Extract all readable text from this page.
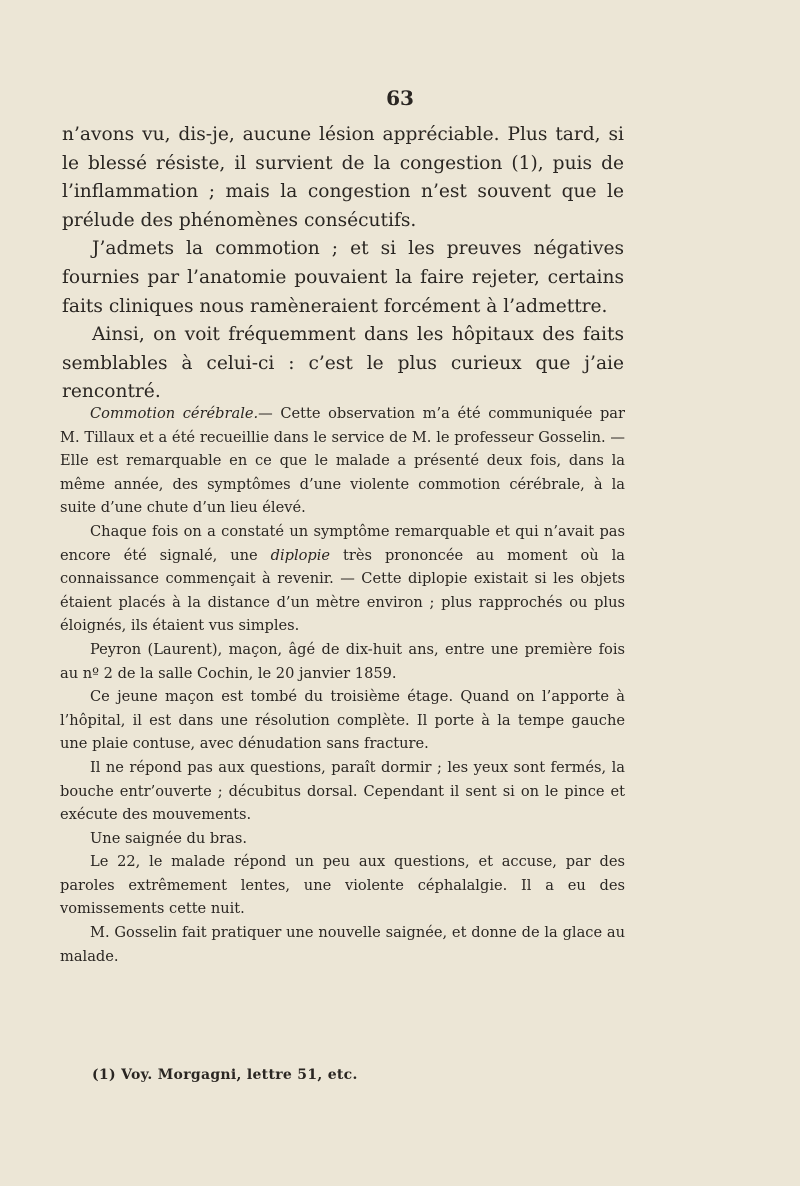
63

n’avons vu, dis-je, aucune lésion appréciable. Plus tard, si le blessé résiste, il survient de la congestion (1), puis de l’inflammation ; mais la congestion n’est souvent que le prélude des phénomènes consécutifs.

J’admets la commotion ; et si les preuves négatives fournies par l’anatomie pouvaient la faire rejeter, certains faits cliniques nous ramèneraient forcément à l’admettre.

Ainsi, on voit fréquemment dans les hôpitaux des faits semblables à celui-ci : c’est le plus curieux que j’aie rencontré.

Commotion cérébrale.— Cette observation m’a été communiquée par M. Tillaux et a été recueillie dans le service de M. le professeur Gosselin. — Elle est remarquable en ce que le malade a présenté deux fois, dans la même année, des symptômes d’une violente commotion cérébrale, à la suite d’une chute d’un lieu élevé.

Chaque fois on a constaté un symptôme remarquable et qui n’avait pas encore été signalé, une diplopie très prononcée au moment où la connaissance commençait à revenir. — Cette diplopie existait si les objets étaient placés à la distance d’un mètre environ ; plus rapprochés ou plus éloignés, ils étaient vus simples.

Peyron (Laurent), maçon, âgé de dix-huit ans, entre une première fois au nº 2 de la salle Cochin, le 20 janvier 1859.

Ce jeune maçon est tombé du troisième étage. Quand on l’apporte à l’hôpital, il est dans une résolution complète. Il porte à la tempe gauche une plaie contuse, avec dénudation sans fracture.

Il ne répond pas aux questions, paraît dormir ; les yeux sont fermés, la bouche entr’ouverte ; décubitus dorsal. Cependant il sent si on le pince et exécute des mouvements.

Une saignée du bras.

Le 22, le malade répond un peu aux questions, et accuse, par des paroles extrêmement lentes, une violente céphalalgie. Il a eu des vomissements cette nuit.

M. Gosselin fait pratiquer une nouvelle saignée, et donne de la glace au malade.

(1) Voy. Morgagni, lettre 51, etc.
